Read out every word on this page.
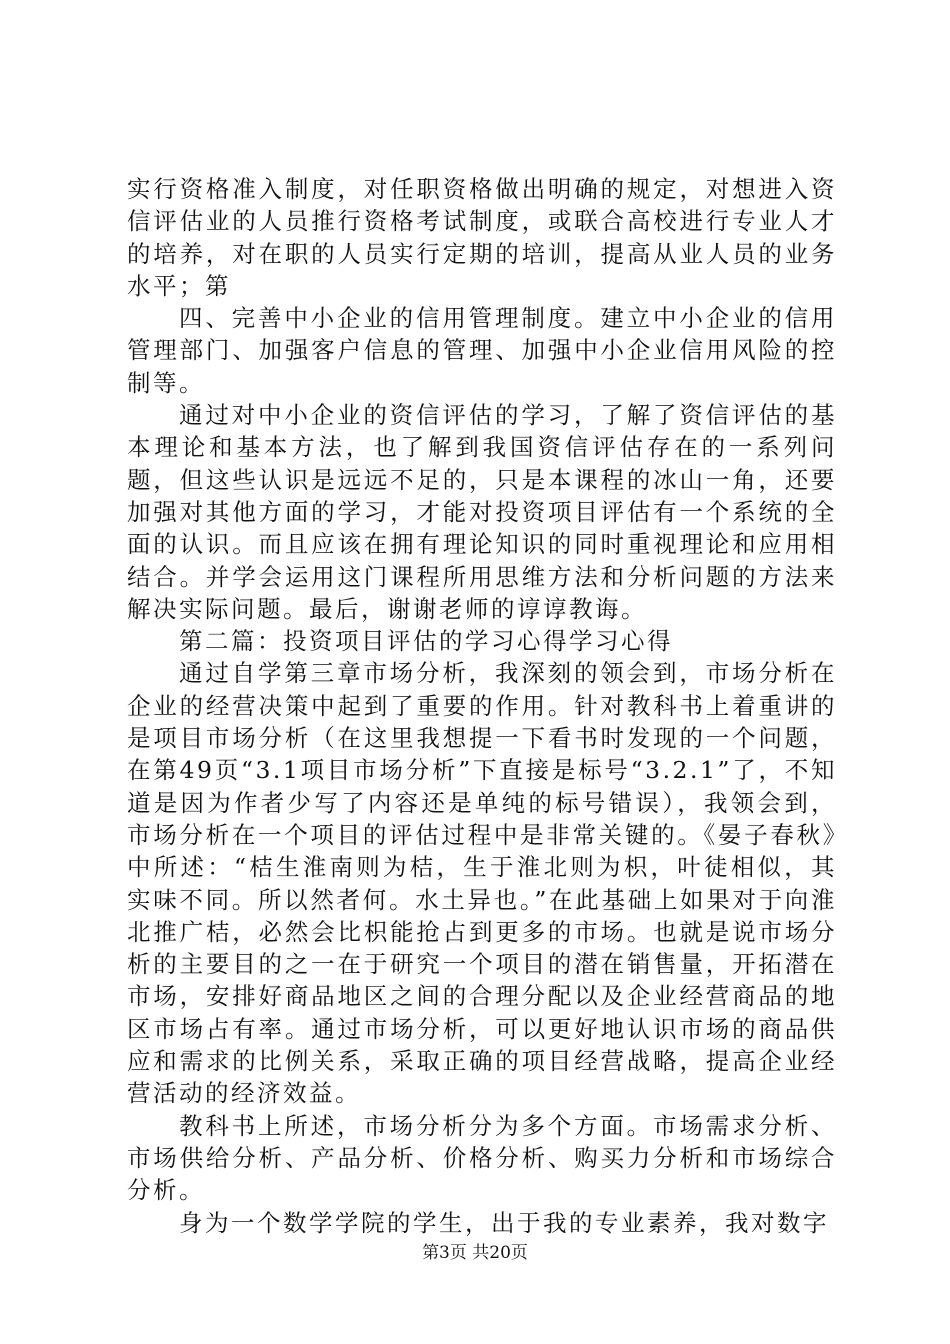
实行资格准入制度，对任职资格做出明确的规定，对想进入资信评估业的人员推行资格考试制度，或联合高校进行专业人才的培养，对在职的人员实行定期的培训，提高从业人员的业务水平；第

四、完善中小企业的信用管理制度。建立中小企业的信用管理部门、加强客户信息的管理、加强中小企业信用风险的控制等。

通过对中小企业的资信评估的学习，了解了资信评估的基本理论和基本方法，也了解到我国资信评估存在的一系列问题，但这些认识是远远不足的，只是本课程的冰山一角，还要加强对其他方面的学习，才能对投资项目评估有一个系统的全面的认识。而且应该在拥有理论知识的同时重视理论和应用相结合。并学会运用这门课程所用思维方法和分析问题的方法来解决实际问题。最后，谢谢老师的谆谆教诲。

第二篇：投资项目评估的学习心得学习心得

通过自学第三章市场分析，我深刻的领会到，市场分析在企业的经营决策中起到了重要的作用。针对教科书上着重讲的是项目市场分析（在这里我想提一下看书时发现的一个问题，在第49页“3.1项目市场分析”下直接是标号“3.2.1”了，不知道是因为作者少写了内容还是单纯的标号错误），我领会到，市场分析在一个项目的评估过程中是非常关键的。《晏子春秋》中所述：“桔生淮南则为桔，生于淮北则为枳，叶徒相似，其实味不同。所以然者何。水土异也。”在此基础上如果对于向淮北推广桔，必然会比枳能抢占到更多的市场。也就是说市场分析的主要目的之一在于研究一个项目的潜在销售量，开拓潜在市场，安排好商品地区之间的合理分配以及企业经营商品的地区市场占有率。通过市场分析，可以更好地认识市场的商品供应和需求的比例关系，采取正确的项目经营战略，提高企业经营活动的经济效益。

教科书上所述，市场分析分为多个方面。市场需求分析、市场供给分析、产品分析、价格分析、购买力分析和市场综合分析。

身为一个数学学院的学生，出于我的专业素养，我对数字

第3页 共20页
